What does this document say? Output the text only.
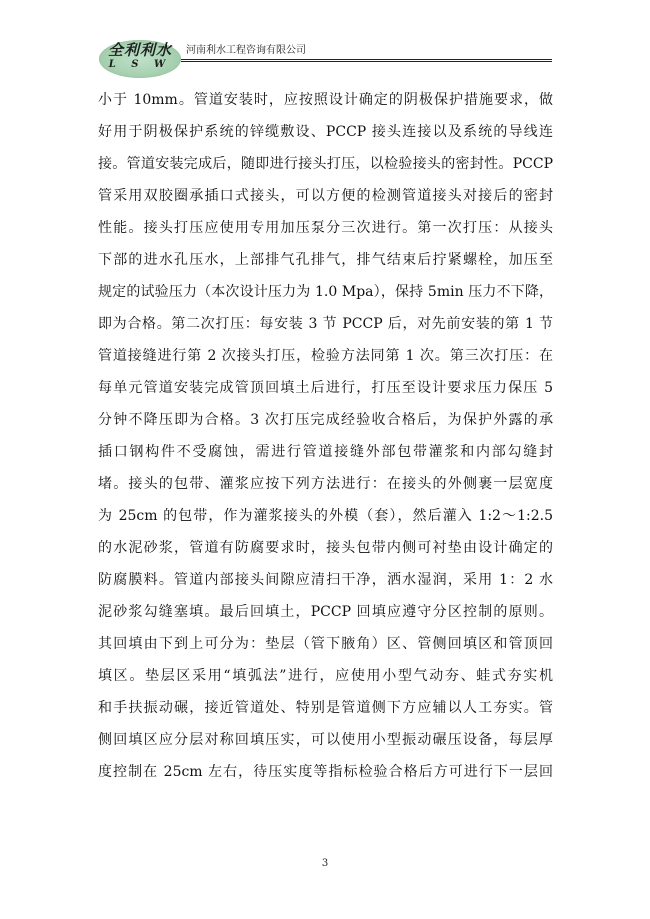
全利利水
L S W
河南利水工程咨询有限公司
小于 10mm。管道安装时，应按照设计确定的阴极保护措施要求，做
好用于阴极保护系统的锌缆敷设、PCCP 接头连接以及系统的导线连
接。管道安装完成后，随即进行接头打压，以检验接头的密封性。PCCP
管采用双胶圈承插口式接头，可以方便的检测管道接头对接后的密封
性能。接头打压应使用专用加压泵分三次进行。第一次打压：从接头
下部的进水孔压水，上部排气孔排气，排气结束后拧紧螺栓，加压至
规定的试验压力（本次设计压力为 1.0 Mpa），保持 5min 压力不下降，
即为合格。第二次打压：每安装 3 节 PCCP 后，对先前安装的第 1 节
管道接缝进行第 2 次接头打压，检验方法同第 1 次。第三次打压：在
每单元管道安装完成管顶回填土后进行，打压至设计要求压力保压 5
分钟不降压即为合格。3 次打压完成经验收合格后，为保护外露的承
插口钢构件不受腐蚀，需进行管道接缝外部包带灌浆和内部勾缝封
堵。接头的包带、灌浆应按下列方法进行：在接头的外侧裹一层宽度
为 25cm 的包带，作为灌浆接头的外模（套），然后灌入 1:2～1:2.5
的水泥砂浆，管道有防腐要求时，接头包带内侧可衬垫由设计确定的
防腐膜料。管道内部接头间隙应清扫干净，洒水湿润，采用 1：2 水
泥砂浆勾缝塞填。最后回填土，PCCP 回填应遵守分区控制的原则。
其回填由下到上可分为：垫层（管下腋角）区、管侧回填区和管顶回
填区。垫层区采用“填弧法”进行，应使用小型气动夯、蛙式夯实机
和手扶振动碾，接近管道处、特别是管道侧下方应辅以人工夯实。管
侧回填区应分层对称回填压实，可以使用小型振动碾压设备，每层厚
度控制在 25cm 左右，待压实度等指标检验合格后方可进行下一层回
3
